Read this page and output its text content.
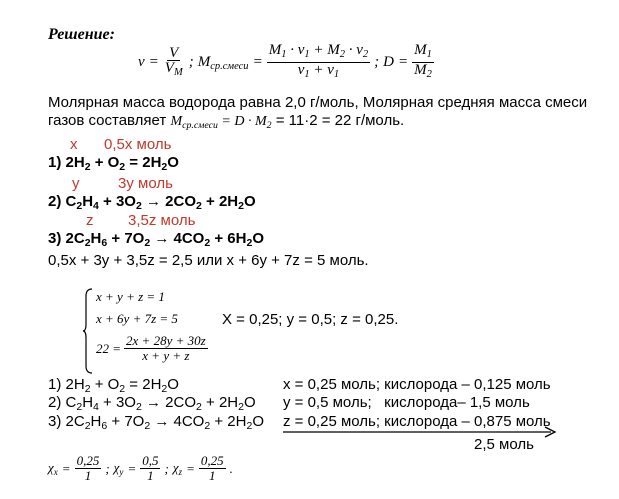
Решение:
$\nu = \frac{V}{V_M}$ ; $M_{ср.смеси} = \frac{M_1 \cdot \nu_1 + M_2 \cdot \nu_2}{\nu_1 + \nu_1}$ ; $D = \frac{M_1}{M_2}$
Молярная масса водорода равна 2,0 г/моль, Молярная средняя масса смеси
газов составляет $M_{ср.смеси} = D \cdot M_2 = 11\cdot 2 = 22$ г/моль.
x 0,5x моль
1) $2H_2 + O_2 = 2H_2O$
y	3y моль
2) $C_2H_4 + 3O_2 \to 2CO_2 + 2H_2O$
z 3,5z моль
3) $2C_2H_6 + 7O_2 \to 4CO_2 + 6H_2O$
0,5x + 3y + 3,5z = 2,5 или x + 6y + 7z = 5 моль.
x + y + z = 1
x + 6y + 7z = 5
$22 = \frac{2x + 28y + 30z}{x + y + z}$
X = 0,25; y = 0,5; z = 0,25.
1) $2H_2 + O_2 = 2H_2O$	x = 0,25 моль; кислорода – 0,125 моль
2) $C_2H_4 + 3O_2 \to 2CO_2 + 2H_2O$ y = 0,5 моль;   кислорода– 1,5 моль
3) $2C_2H_6 + 7O_2 \to 4CO_2 + 2H_2O$ z = 0,25 моль; кислорода – 0,875 моль
2,5 моль
$\chi_x = \frac{0,25}{1}$ ; $\chi_y = \frac{0,5}{1}$ ; $\chi_z = \frac{0,25}{1}$ .
